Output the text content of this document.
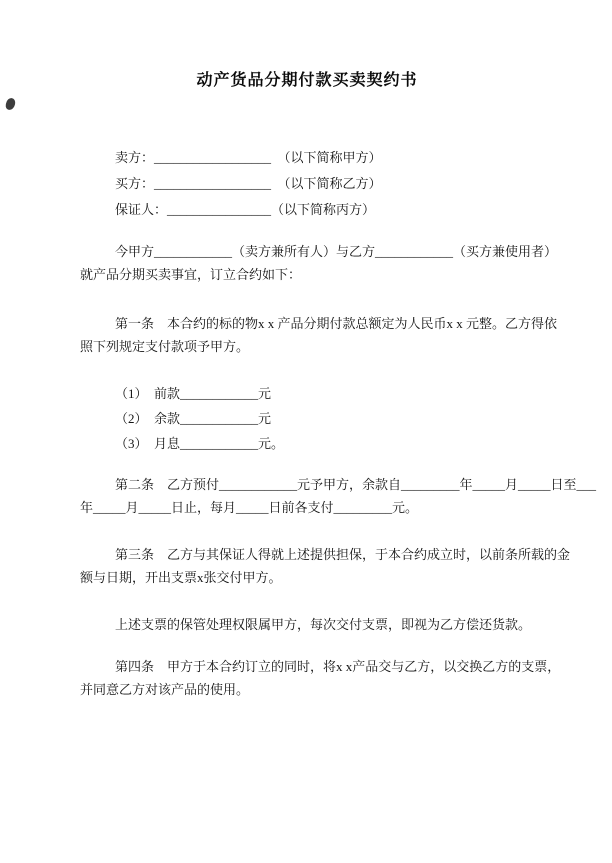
动产货品分期付款买卖契约书
卖方：__________________　（以下简称甲方）
买方：__________________　（以下简称乙方）
保证人：________________（以下简称丙方）
今甲方____________（卖方兼所有人）与乙方____________（买方兼使用者）
就产品分期买卖事宜，订立合约如下：
第一条　本合约的标的物x x 产品分期付款总额定为人民币x x 元整。乙方得依
照下列规定支付款项予甲方。
（1）　前款____________元
（2）　余款____________元
（3）　月息____________元。
第二条　乙方预付____________元予甲方，余款自_________年_____月_____日至___
年_____月_____日止，每月_____日前各支付_________元。
第三条　乙方与其保证人得就上述提供担保，于本合约成立时，以前条所载的金
额与日期，开出支票x张交付甲方。
上述支票的保管处理权限属甲方，每次交付支票，即视为乙方偿还货款。
第四条　甲方于本合约订立的同时，将x x产品交与乙方，以交换乙方的支票，
并同意乙方对该产品的使用。
